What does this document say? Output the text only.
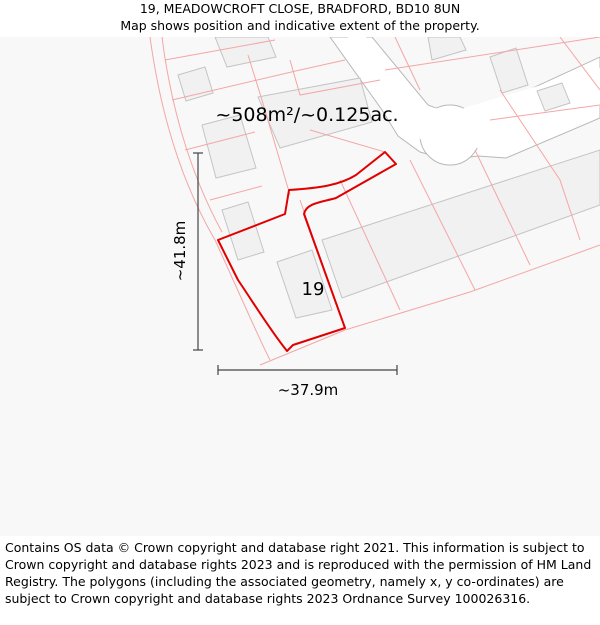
19, MEADOWCROFT CLOSE, BRADFORD, BD10 8UN
Map shows position and indicative extent of the property.
~508m²/~0.125ac.
19
~41.8m
~37.9m
Contains OS data © Crown copyright and database right 2021. This information is subject to Crown copyright and database rights 2023 and is reproduced with the permission of HM Land Registry. The polygons (including the associated geometry, namely x, y co-ordinates) are subject to Crown copyright and database rights 2023 Ordnance Survey 100026316.
